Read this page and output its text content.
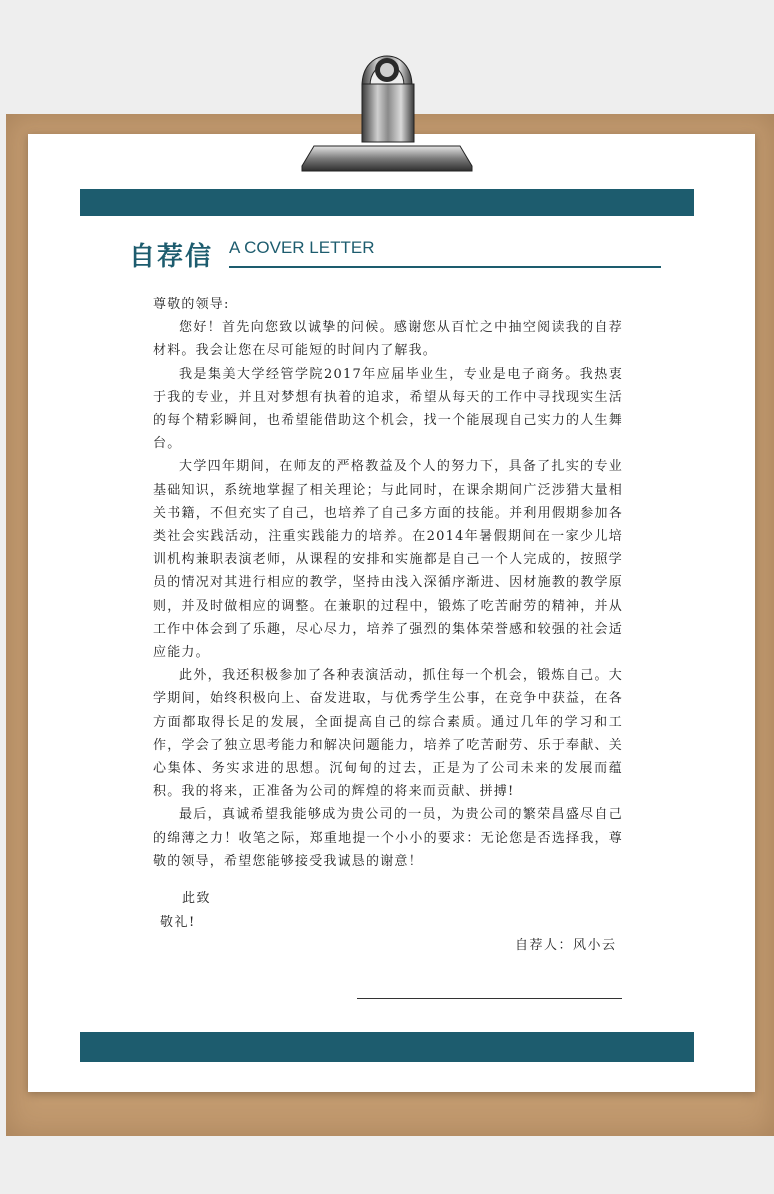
自荐信 A COVER LETTER

尊敬的领导:

您好！首先向您致以诚挚的问候。感谢您从百忙之中抽空阅读我的自荐材料。我会让您在尽可能短的时间内了解我。

我是集美大学经管学院2017年应届毕业生，专业是电子商务。我热衷于我的专业，并且对梦想有执着的追求，希望从每天的工作中寻找现实生活的每个精彩瞬间，也希望能借助这个机会，找一个能展现自己实力的人生舞台。

大学四年期间，在师友的严格教益及个人的努力下，具备了扎实的专业基础知识，系统地掌握了相关理论；与此同时，在课余期间广泛涉猎大量相关书籍，不但充实了自己，也培养了自己多方面的技能。并利用假期参加各类社会实践活动，注重实践能力的培养。在2014年暑假期间在一家少儿培训机构兼职表演老师，从课程的安排和实施都是自己一个人完成的，按照学员的情况对其进行相应的教学，坚持由浅入深循序渐进、因材施教的教学原则，并及时做相应的调整。在兼职的过程中，锻炼了吃苦耐劳的精神，并从工作中体会到了乐趣，尽心尽力，培养了强烈的集体荣誉感和较强的社会适应能力。

此外，我还积极参加了各种表演活动，抓住每一个机会，锻炼自己。大学期间，始终积极向上、奋发进取，与优秀学生公事，在竞争中获益，在各方面都取得长足的发展，全面提高自己的综合素质。通过几年的学习和工作，学会了独立思考能力和解决问题能力，培养了吃苦耐劳、乐于奉献、关心集体、务实求进的思想。沉甸甸的过去，正是为了公司未来的发展而蕴积。我的将来，正准备为公司的辉煌的将来而贡献、拼搏!

最后，真诚希望我能够成为贵公司的一员，为贵公司的繁荣昌盛尽自己的绵薄之力！收笔之际，郑重地提一个小小的要求：无论您是否选择我，尊敬的领导，希望您能够接受我诚恳的谢意！

此致
敬礼!
自荐人：风小云
